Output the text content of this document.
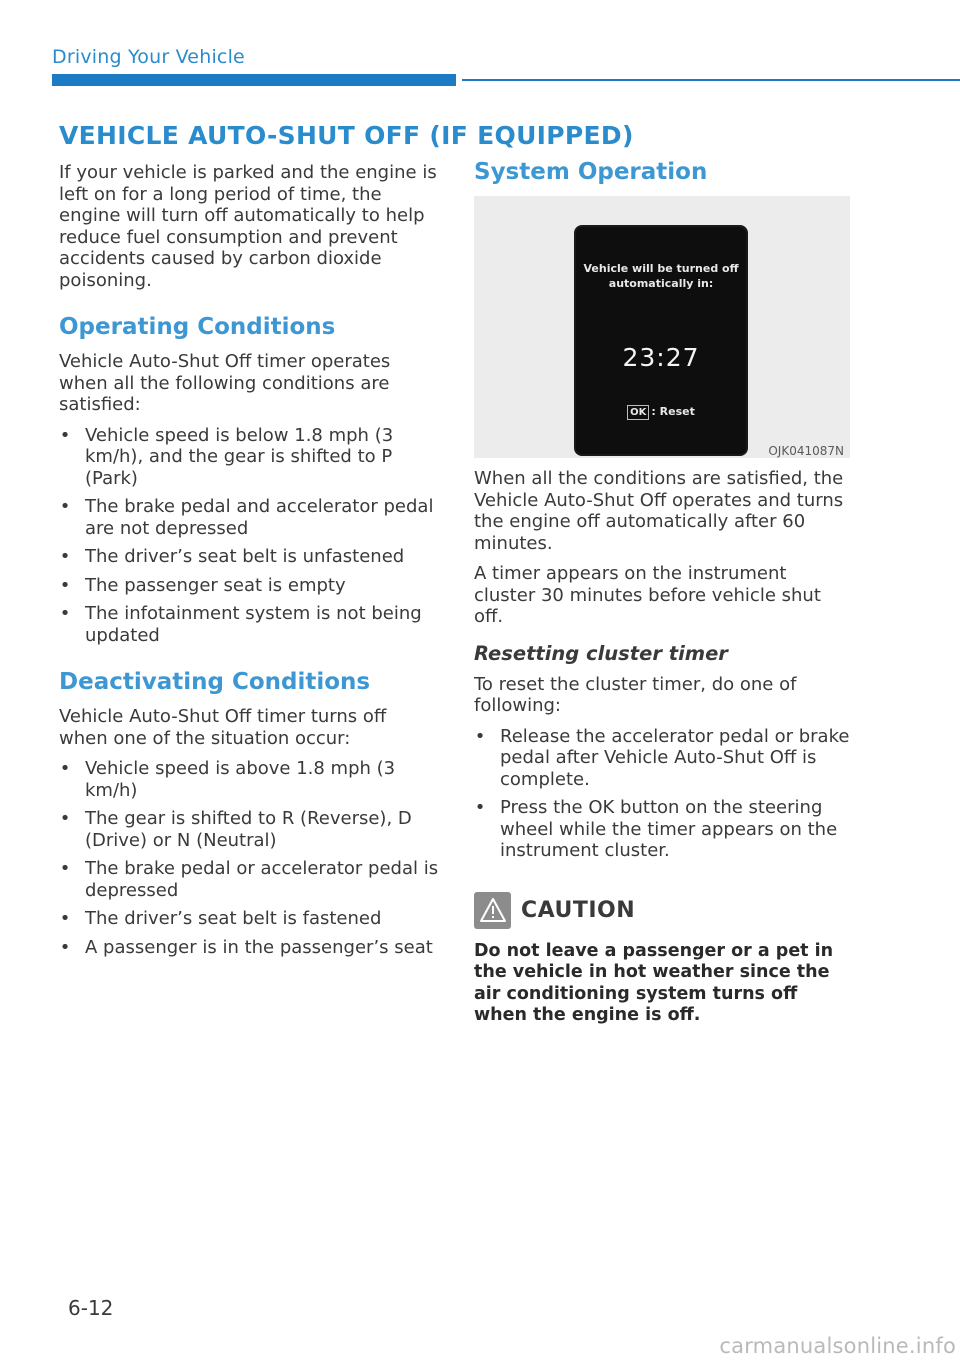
Driving Your Vehicle
VEHICLE AUTO-SHUT OFF (IF EQUIPPED)

If your vehicle is parked and the engine is left on for a long period of time, the engine will turn off automatically to help reduce fuel consumption and prevent accidents caused by carbon dioxide poisoning.

Operating Conditions

Vehicle Auto-Shut Off timer operates when all the following conditions are satisfied:

• Vehicle speed is below 1.8 mph (3 km/h), and the gear is shifted to P (Park)
• The brake pedal and accelerator pedal are not depressed
• The driver’s seat belt is unfastened
• The passenger seat is empty
• The infotainment system is not being updated
Deactivating Conditions

Vehicle Auto-Shut Off timer turns off when one of the situation occur:

• Vehicle speed is above 1.8 mph (3 km/h)
• The gear is shifted to R (Reverse), D (Drive) or N (Neutral)
• The brake pedal or accelerator pedal is depressed
• The driver’s seat belt is fastened
• A passenger is in the passenger’s seat
System Operation
Vehicle will be turned off
automatically in:
23:27
OK : Reset
OJK041087N

When all the conditions are satisfied, the Vehicle Auto-Shut Off operates and turns the engine off automatically after 60 minutes.

A timer appears on the instrument cluster 30 minutes before vehicle shut off.

Resetting cluster timer

To reset the cluster timer, do one of following:

• Release the accelerator pedal or brake pedal after Vehicle Auto-Shut Off is complete.
• Press the OK button on the steering wheel while the timer appears on the instrument cluster.
CAUTION

Do not leave a passenger or a pet in the vehicle in hot weather since the air conditioning system turns off when the engine is off.

6-12
carmanualsonline.info
